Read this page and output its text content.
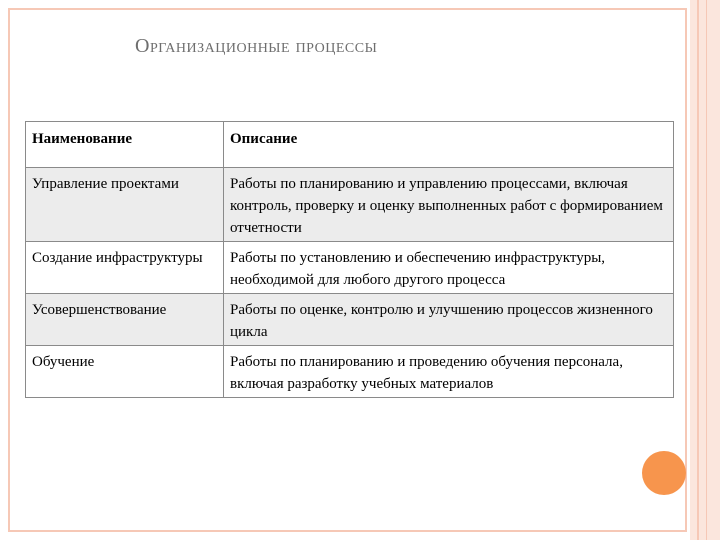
Организационные процессы
Наименование	Описание
Управление проектами	Работы по планированию и управлению процессами, включая контроль, проверку и оценку выполненных работ с формированием отчетности
Создание инфраструктуры	Работы по установлению и обеспечению инфраструктуры, необходимой для любого другого процесса
Усовершенствование	Работы по оценке, контролю и улучшению процессов жизненного цикла
Обучение	Работы по планированию и проведению обучения персонала, включая разработку учебных материалов
